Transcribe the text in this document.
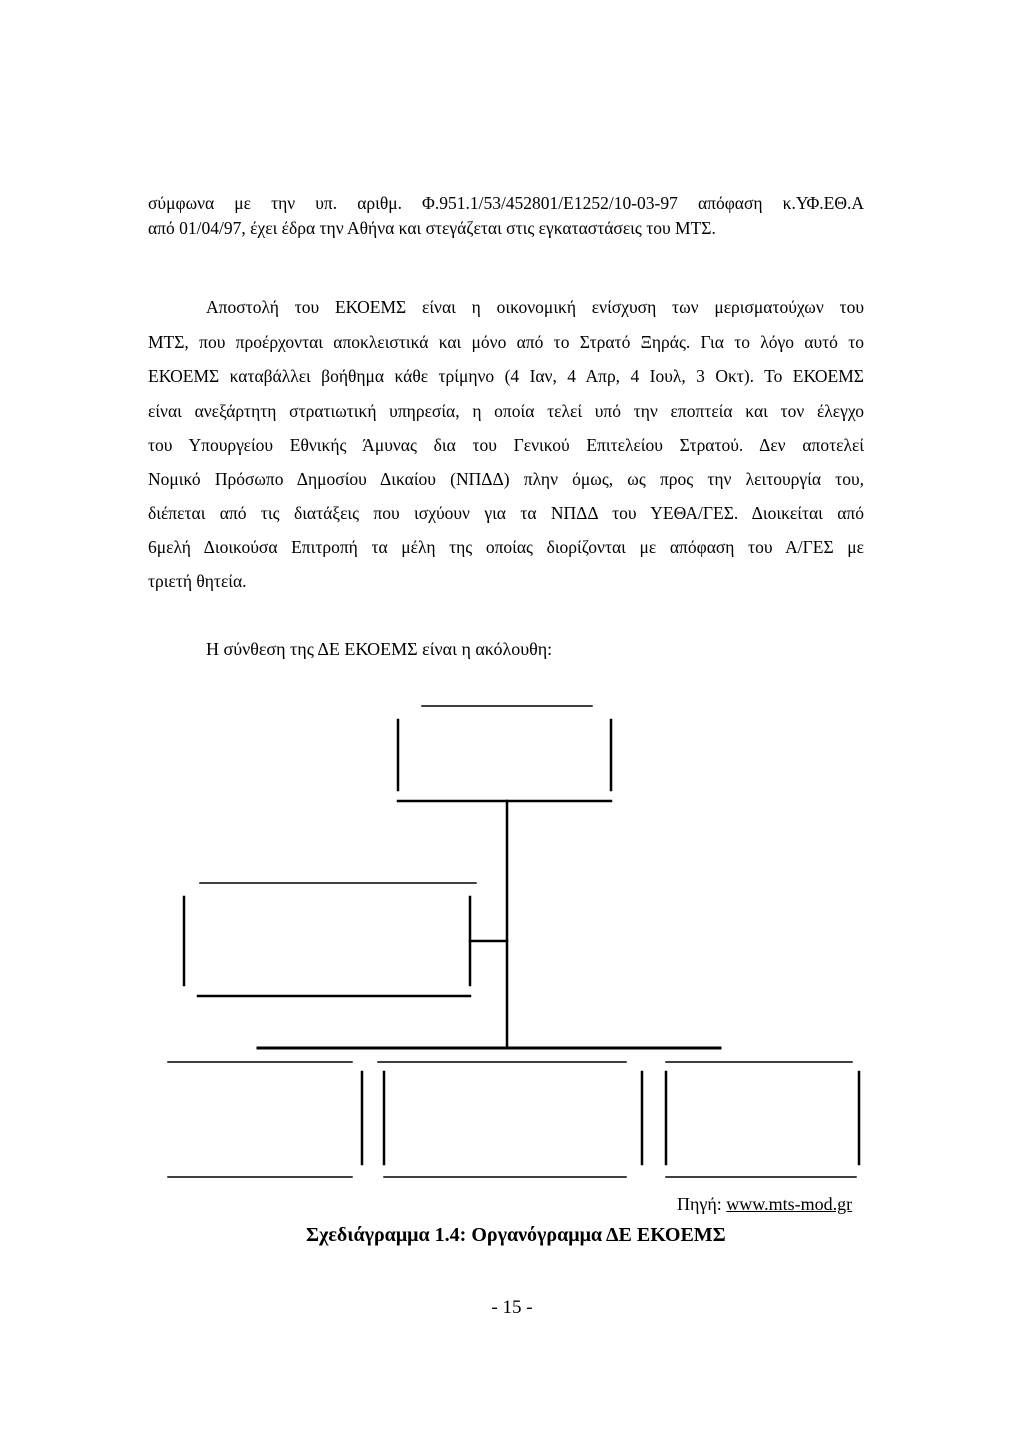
σύμφωνα με την υπ. αριθμ. Φ.951.1/53/452801/Ε1252/10-03-97 απόφαση κ.ΥΦ.ΕΘ.Α
από 01/04/97, έχει έδρα την Αθήνα και στεγάζεται στις εγκαταστάσεις του ΜΤΣ.
Αποστολή του ΕΚΟΕΜΣ είναι η οικονομική ενίσχυση των μερισματούχων του
ΜΤΣ, που προέρχονται αποκλειστικά και μόνο από το Στρατό Ξηράς. Για το λόγο αυτό το
ΕΚΟΕΜΣ καταβάλλει βοήθημα κάθε τρίμηνο (4 Ιαν, 4 Απρ, 4 Ιουλ, 3 Οκτ). Το ΕΚΟΕΜΣ
είναι ανεξάρτητη στρατιωτική υπηρεσία, η οποία τελεί υπό την εποπτεία και τον έλεγχο
του Υπουργείου Εθνικής Άμυνας δια του Γενικού Επιτελείου Στρατού. Δεν αποτελεί
Νομικό Πρόσωπο Δημοσίου Δικαίου (ΝΠΔΔ) πλην όμως, ως προς την λειτουργία του,
διέπεται από τις διατάξεις που ισχύουν για τα ΝΠΔΔ του ΥΕΘΑ/ΓΕΣ. Διοικείται από
6μελή Διοικούσα Επιτροπή τα μέλη της οποίας διορίζονται με απόφαση του Α/ΓΕΣ με
τριετή θητεία.
Η σύνθεση της ΔΕ ΕΚΟΕΜΣ είναι η ακόλουθη:
Πηγή: www.mts-mod.gr
Σχεδιάγραμμα 1.4: Οργανόγραμμα ΔΕ ΕΚΟΕΜΣ
- 15 -
